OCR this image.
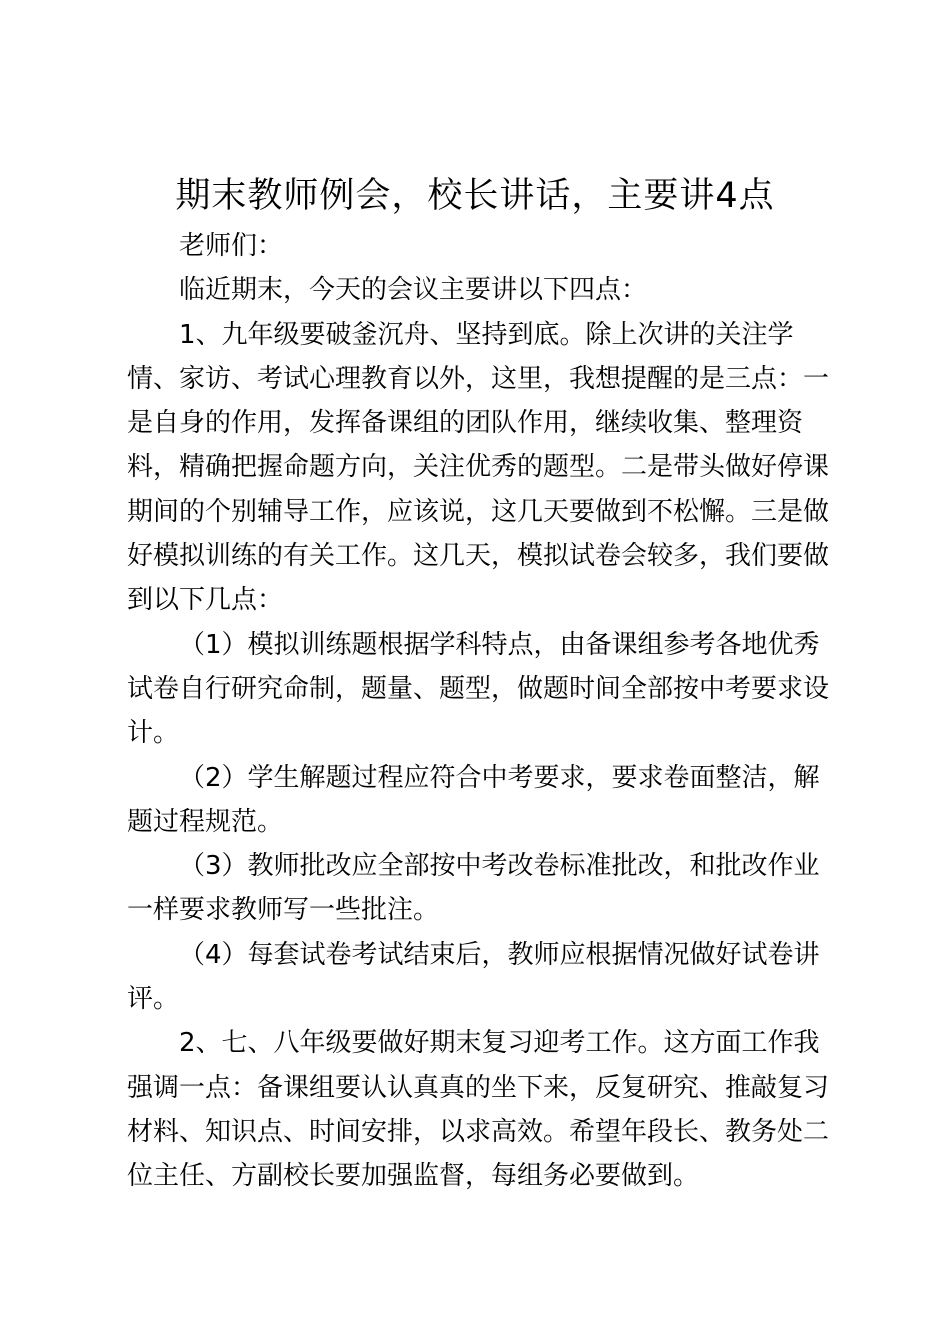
期末教师例会，校长讲话，主要讲4点

老师们：

临近期末，今天的会议主要讲以下四点：

1、九年级要破釜沉舟、坚持到底。除上次讲的关注学情、家访、考试心理教育以外，这里，我想提醒的是三点：一是自身的作用，发挥备课组的团队作用，继续收集、整理资料，精确把握命题方向，关注优秀的题型。二是带头做好停课期间的个别辅导工作，应该说，这几天要做到不松懈。三是做好模拟训练的有关工作。这几天，模拟试卷会较多，我们要做到以下几点：

（1）模拟训练题根据学科特点，由备课组参考各地优秀试卷自行研究命制，题量、题型，做题时间全部按中考要求设计。

（2）学生解题过程应符合中考要求，要求卷面整洁，解题过程规范。

（3）教师批改应全部按中考改卷标准批改，和批改作业一样要求教师写一些批注。

（4）每套试卷考试结束后，教师应根据情况做好试卷讲评。

2、七、八年级要做好期末复习迎考工作。这方面工作我强调一点：备课组要认认真真的坐下来，反复研究、推敲复习材料、知识点、时间安排，以求高效。希望年段长、教务处二位主任、方副校长要加强监督，每组务必要做到。
